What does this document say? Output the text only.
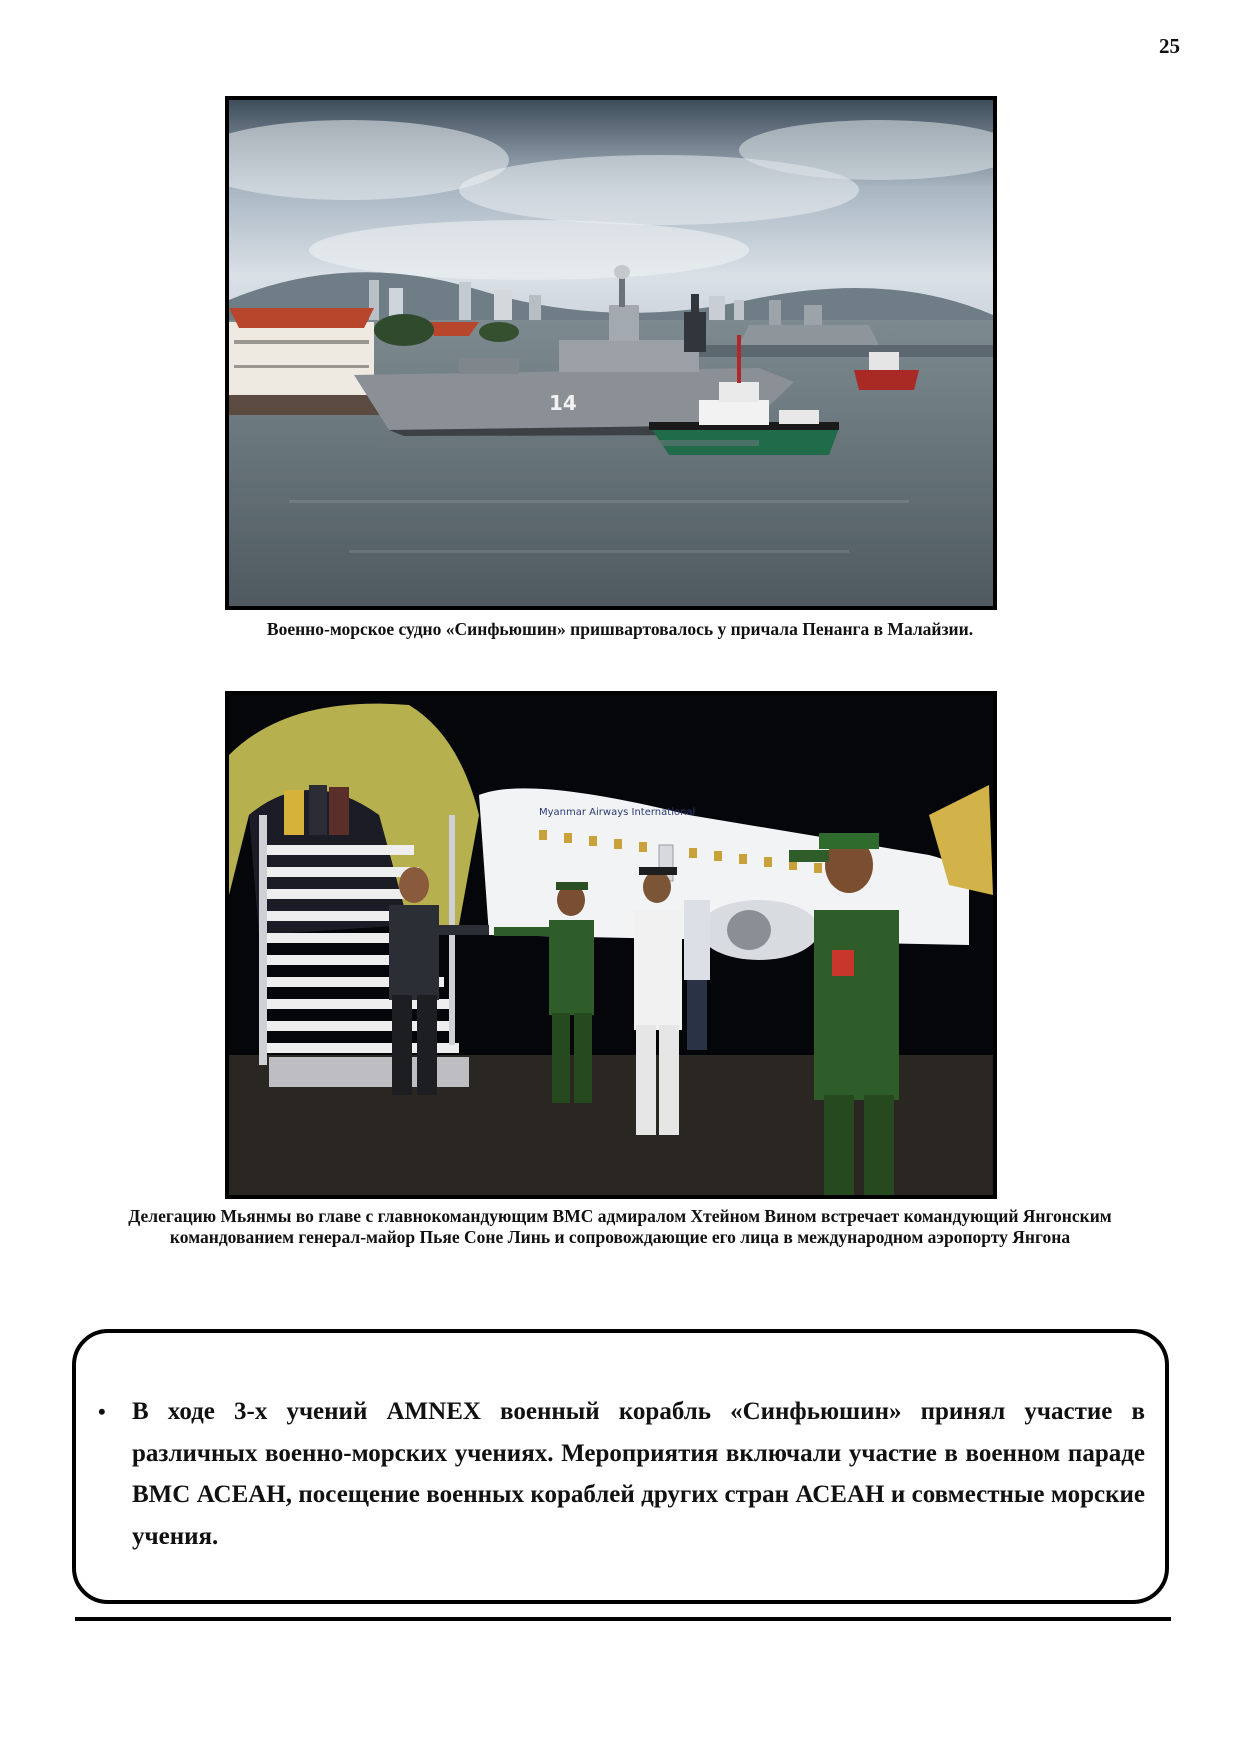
25
14
Военно-морское судно «Синфьюшин» пришвартовалось у причала Пенанга в Малайзии.
Myanmar Airways International
Делегацию Мьянмы во главе с главнокомандующим ВМС адмиралом Хтейном Вином встречает командующий Янгонским командованием генерал-майор Пьяе Соне Линь и сопровождающие его лица в международном аэропорту Янгона
• В ходе 3-х учений AMNEX военный корабль «Синфьюшин» принял участие в различных военно-морских учениях. Мероприятия включали участие в военном параде ВМС АСЕАН, посещение военных кораблей других стран АСЕАН и совместные морские учения.
